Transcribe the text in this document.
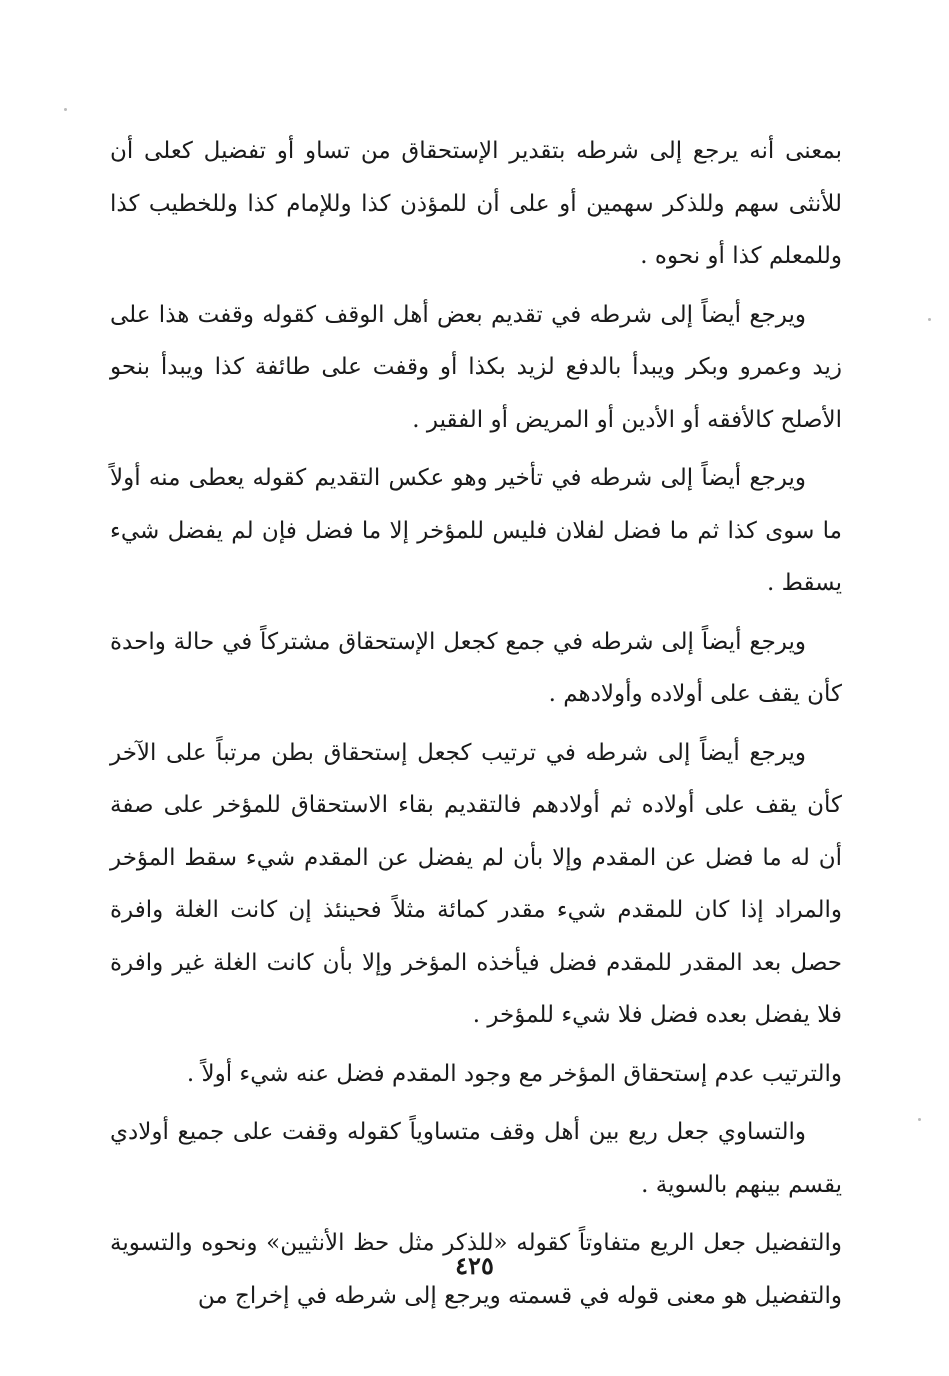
بمعنى أنه يرجع إلى شرطه بتقدير الإستحقاق من تساو أو تفضيل كعلى أن للأنثى سهم وللذكر سهمين أو على أن للمؤذن كذا وللإمام كذا وللخطيب كذا وللمعلم كذا أو نحوه .

ويرجع أيضاً إلى شرطه في تقديم بعض أهل الوقف كقوله وقفت هذا على زيد وعمرو وبكر ويبدأ بالدفع لزيد بكذا أو وقفت على طائفة كذا ويبدأ بنحو الأصلح كالأفقه أو الأدين أو المريض أو الفقير .

ويرجع أيضاً إلى شرطه في تأخير وهو عكس التقديم كقوله يعطى منه أولاً ما سوى كذا ثم ما فضل لفلان فليس للمؤخر إلا ما فضل فإن لم يفضل شيء يسقط .

ويرجع أيضاً إلى شرطه في جمع كجعل الإستحقاق مشتركاً في حالة واحدة كأن يقف على أولاده وأولادهم .

ويرجع أيضاً إلى شرطه في ترتيب كجعل إستحقاق بطن مرتباً على الآخر كأن يقف على أولاده ثم أولادهم فالتقديم بقاء الاستحقاق للمؤخر على صفة أن له ما فضل عن المقدم وإلا بأن لم يفضل عن المقدم شيء سقط المؤخر والمراد إذا كان للمقدم شيء مقدر كمائة مثلاً فحينئذ إن كانت الغلة وافرة حصل بعد المقدر للمقدم فضل فيأخذه المؤخر وإلا بأن كانت الغلة غير وافرة فلا يفضل بعده فضل فلا شيء للمؤخر .

والترتيب عدم إستحقاق المؤخر مع وجود المقدم فضل عنه شيء أولاً .

والتساوي جعل ريع بين أهل وقف متساوياً كقوله وقفت على جميع أولادي يقسم بينهم بالسوية .

والتفضيل جعل الريع متفاوتاً كقوله «للذكر مثل حظ الأنثيين» ونحوه والتسوية والتفضيل هو معنى قوله في قسمته ويرجع إلى شرطه في إخراج من

٤٢٥
